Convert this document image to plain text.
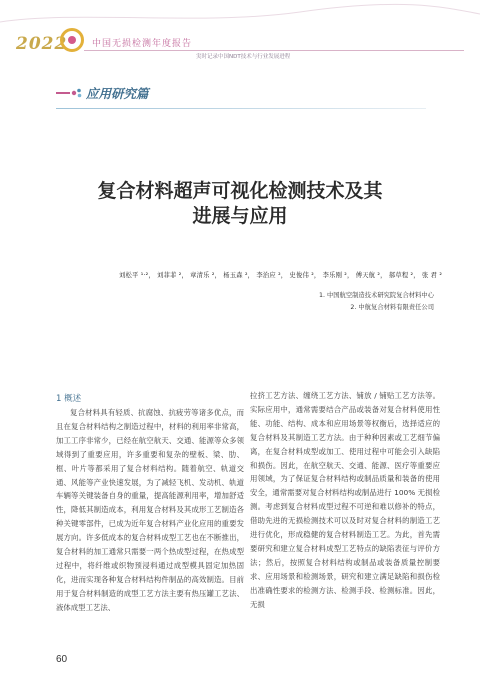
2022	中国无损检测年度报告
実时记录中国NDT技术与行业发展进程
应用研究篇
复合材料超声可视化检测技术及其
进展与应用
刘松平 ¹·²， 刘菲菲 ²， 章清乐 ²， 杨玉森 ²， 李治应 ²， 史俊伟 ²， 李乐刚 ²， 傅天航 ²， 郝草程 ²， 张 君 ²
1. 中国航空制造技术研究院复合材料中心
2. 中航复合材料有限责任公司
1 概述

复合材料具有轻质、抗腐蚀、抗疲劳等诸多优点，而且在复合材料结构之制造过程中，材料的利用率非常高，加工工序非常少，已经在航空航天、交通、能源等众多领域得到了重要应用，许多重要和复杂的壁板、梁、肋、框、叶片等都采用了复合材料结构。随着航空、轨道交通、风能等产业快速发展，为了减轻飞机、发动机、轨道车辆等关键装备自身的重量，提高能源利用率，增加舒适性，降低其制造成本，利用复合材料及其成形工艺制造各种关键零部件，已成为近年复合材料产业化应用的重要发展方向。许多低成本的复合材料成型工艺也在不断推出，复合材料的加工通常只需要一两个热成型过程，在热成型过程中，将纤维或织物预浸料通过成型模具固定加热固化，进而实现各种复合材料结构件制品的高效制造。目前用于复合材料制造的成型工艺方法主要有热压罐工艺法、液体成型工艺法、

拉挤工艺方法、缠绕工艺方法、铺放 / 铺贴工艺方法等。实际应用中，通常需要结合产品或装备对复合材料使用性能、功能、结构、成本和应用场景等权衡后，选择适应的复合材料及其制造工艺方法。由于种种因素或工艺细节偏离，在复合材料成型或加工、使用过程中可能会引入缺陷和损伤。因此，在航空航天、交通、能源、医疗等重要应用领域，为了保证复合材料结构或制品质量和装备的使用安全，通常需要对复合材料结构或制品进行 100% 无损检测。考虑到复合材料成型过程不可逆和难以修补的特点，借助先进的无损检测技术可以及时对复合材料的制造工艺进行优化，形成稳健的复合材料制造工艺。为此，首先需要研究和建立复合材料成型工艺特点的缺陷表征与评价方法；然后，按照复合材料结构或制品或装备质量控制要求、应用场景和检测场景，研究和建立满足缺陷和损伤检出准确性要求的检测方法、检测手段、检测标准。因此，无损

60
